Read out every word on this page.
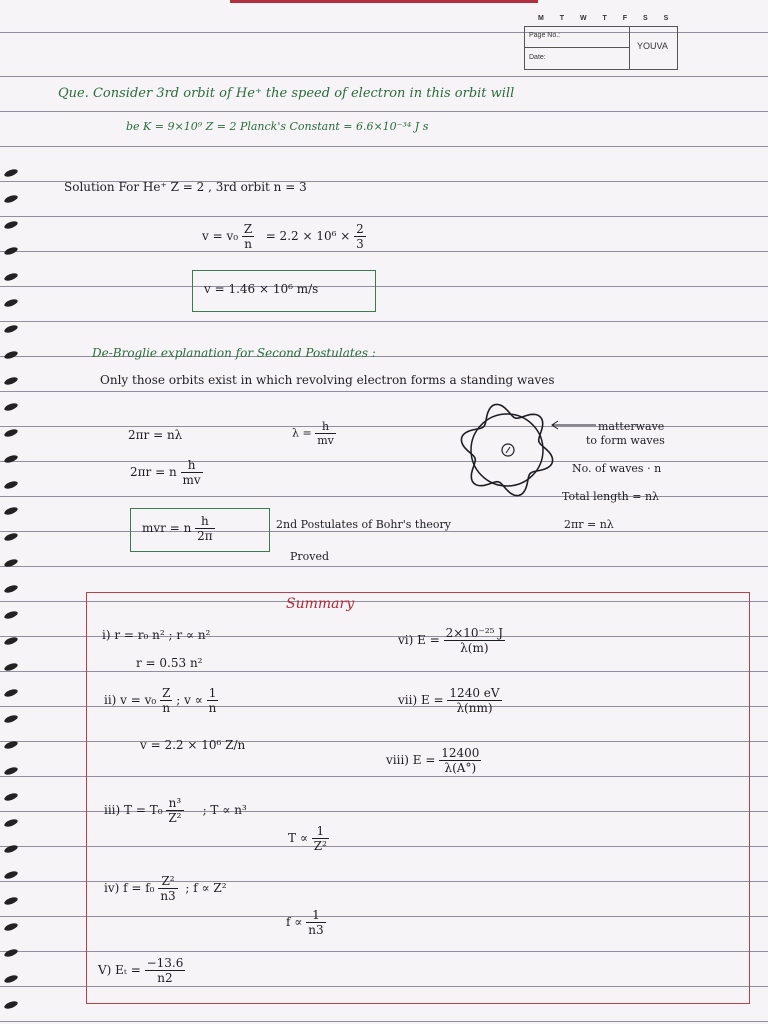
M T W T F S S
Page No.:
Date:
YOUVA
Que. Consider 3rd orbit of He⁺ the speed of electron in this orbit will
be K = 9×10⁹ Z = 2 Planck's Constant = 6.6×10⁻³⁴ J s
Solution For He⁺ Z = 2 , 3rd orbit n = 3
$v = v_0 \frac{Z}{n} = 2.2 \times 10^6 \times \frac{2}{3}$
v = 1.46 × 10⁶ m/s
De-Broglie explanation for Second Postulates :
Only those orbits exist in which revolving electron forms a standing waves
2πr = nλ	$\lambda = \frac{h}{mv}$
2πr = n $\frac{h}{mv}$
mvr = n $\frac{h}{2\pi}$	2nd Postulates of Bohr's theory
Proved
matterwave
to form waves
No. of waves · n
Total length = nλ
2πr = nλ
Summary
i) r = r₀ n² ; r ∝ n²
r = 0.53 n²
ii) $v = v_0 \frac{Z}{n}$ ; $v \propto \frac{1}{n}$
v = 2.2 × 10⁶ Z/n
iii) $T = T_0 \frac{\text{n³}}{\text{Z²}}$ ; T ∝ n³
$T \propto \frac{1}{\text{Z²}}$
iv) $f = f_0 \frac{\text{Z²}}{n3}$ ; f ∝ Z²
$f \propto \frac{1}{n3}$
V) $E_t = \frac{-13.6}{n2}$
vi) $E = \frac{\text{2×10⁻²⁵ J}}{\lambda(m)}$
vii) $E = \frac{1240 eV}{\lambda(nm)}$
viii) $E = \frac{12400}{\lambda(A^\circ)}$
